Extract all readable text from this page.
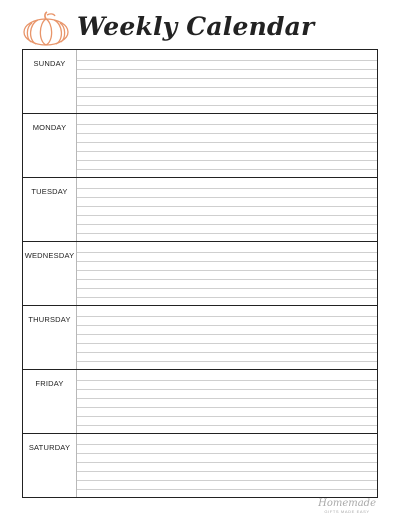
Weekly Calendar
SUNDAY
MONDAY
TUESDAY
WEDNESDAY
THURSDAY
FRIDAY
SATURDAY
Homemade
GIFTS MADE EASY
